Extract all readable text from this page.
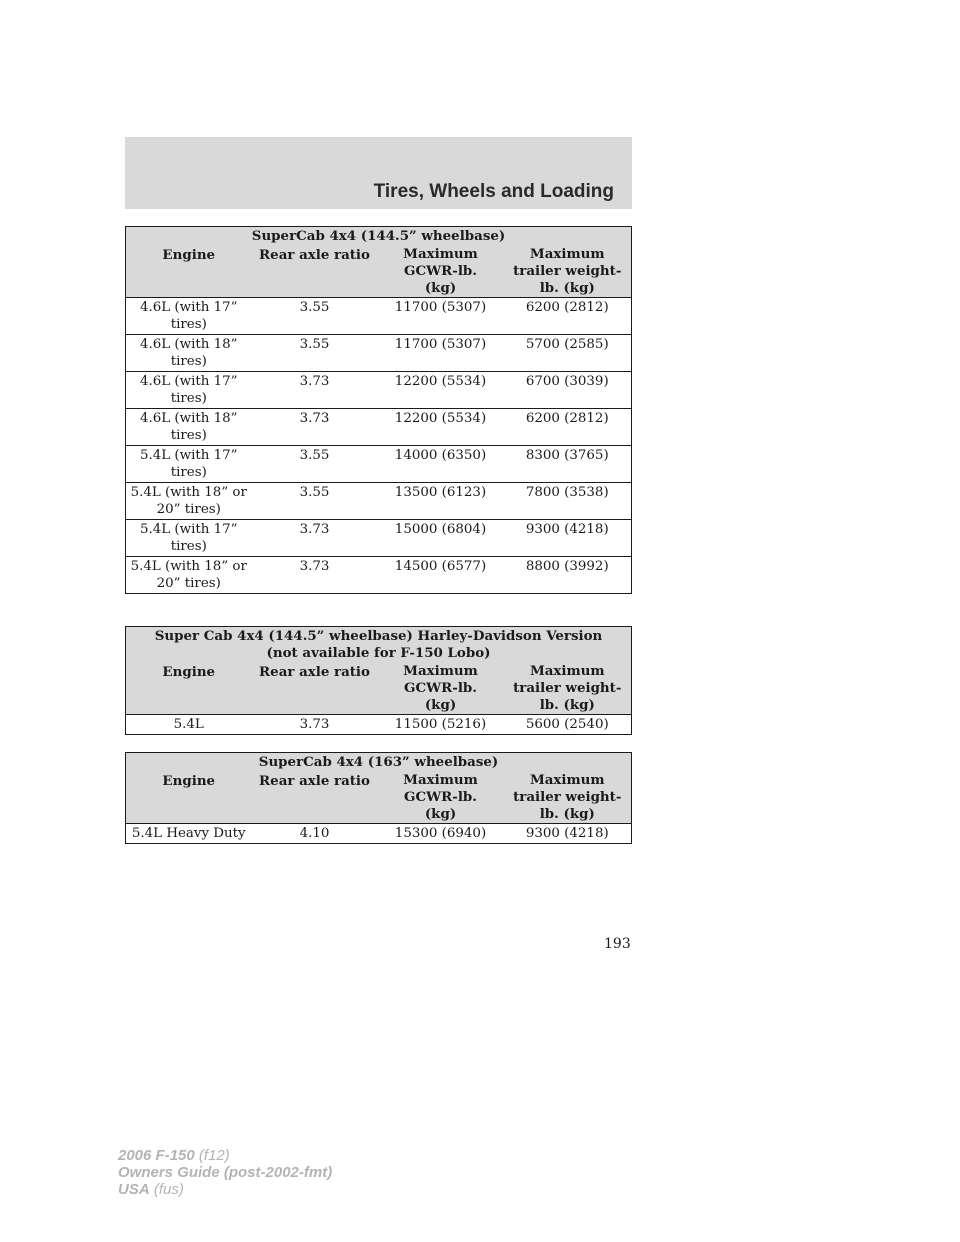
Tires, Wheels and Loading
SuperCab 4x4 (144.5” wheelbase)			
Engine	Rear axle ratio	Maximum GCWR-lb. (kg)	Maximum trailer weight-lb. (kg)
4.6L (with 17” tires)	3.55	11700 (5307)	6200 (2812)
4.6L (with 18” tires)	3.55	11700 (5307)	5700 (2585)
4.6L (with 17” tires)	3.73	12200 (5534)	6700 (3039)
4.6L (with 18” tires)	3.73	12200 (5534)	6200 (2812)
5.4L (with 17” tires)	3.55	14000 (6350)	8300 (3765)
5.4L (with 18” or 20” tires)	3.55	13500 (6123)	7800 (3538)
5.4L (with 17” tires)	3.73	15000 (6804)	9300 (4218)
5.4L (with 18” or 20” tires)	3.73	14500 (6577)	8800 (3992)
Super Cab 4x4 (144.5” wheelbase) Harley-Davidson Version (not available for F-150 Lobo)			
Engine	Rear axle ratio	Maximum GCWR-lb. (kg)	Maximum trailer weight-lb. (kg)
5.4L	3.73	11500 (5216)	5600 (2540)
SuperCab 4x4 (163” wheelbase)			
Engine	Rear axle ratio	Maximum GCWR-lb. (kg)	Maximum trailer weight-lb. (kg)
5.4L Heavy Duty	4.10	15300 (6940)	9300 (4218)
193
2006 F-150 (f12)
Owners Guide (post-2002-fmt)
USA (fus)
